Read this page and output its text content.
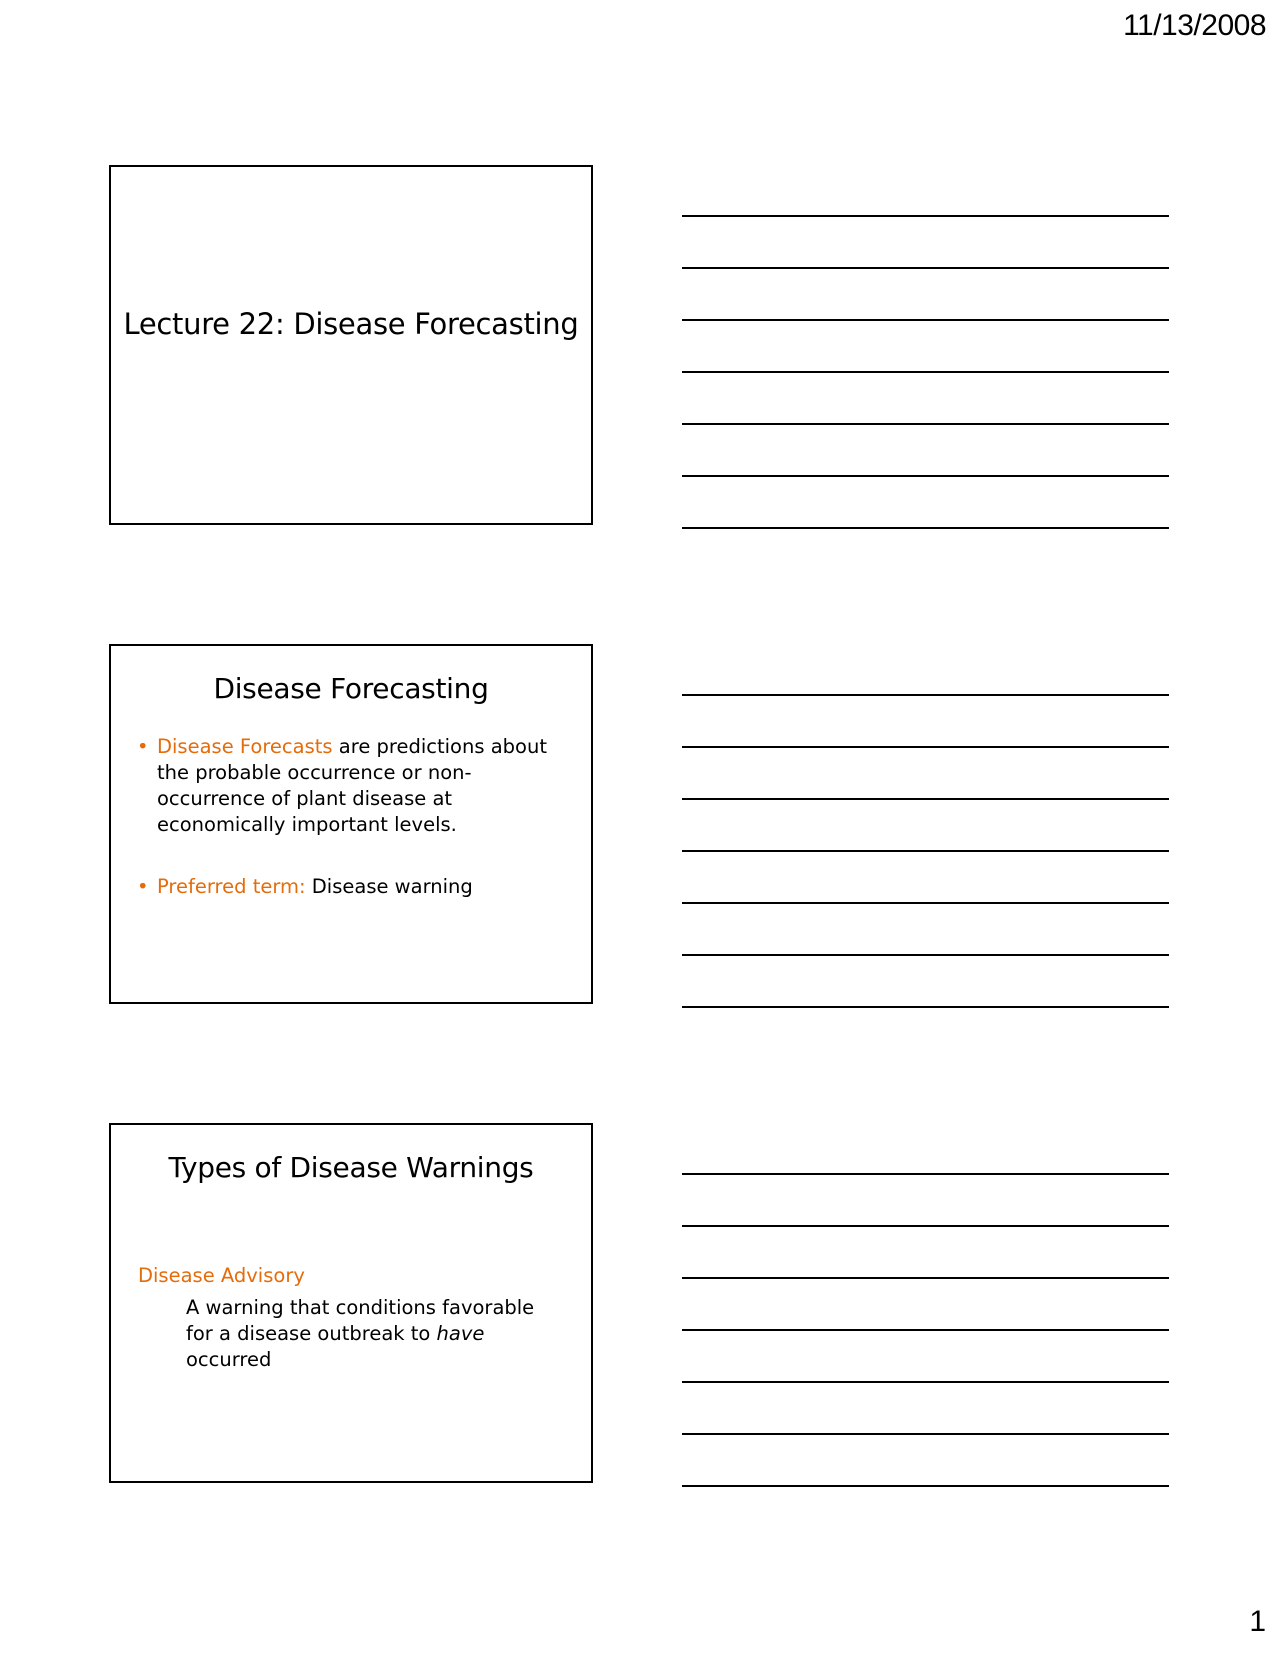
11/13/2008
Lecture 22: Disease Forecasting
Disease Forecasting
• Disease Forecasts are predictions about the probable occurrence or non-occurrence of plant disease at economically important levels.
• Preferred term: Disease warning
Types of Disease Warnings
Disease Advisory
A warning that conditions favorable for a disease outbreak to have occurred
1
